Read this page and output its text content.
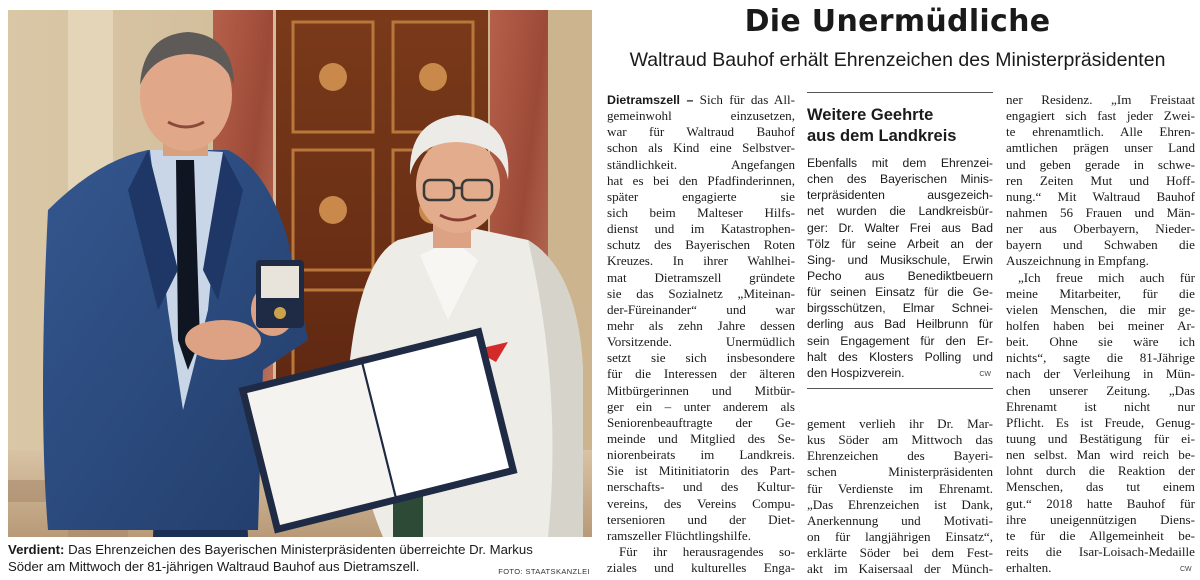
Verdient: Das Ehrenzeichen des Bayerischen Ministerpräsidenten überreichte Dr. Markus
Söder am Mittwoch der 81-jährigen Waltraud Bauhof aus Dietramszell.	FOTO: STAATSKANZLEI
Die Unermüdliche
Waltraud Bauhof erhält Ehrenzeichen des Ministerpräsidenten
Dietramszell – Sich für das All-
gemeinwohl einzusetzen,
war für Waltraud Bauhof
schon als Kind eine Selbstver-
ständlichkeit. Angefangen
hat es bei den Pfadfinderinnen,
später engagierte sie
sich beim Malteser Hilfs-
dienst und im Katastrophen-
schutz des Bayerischen Roten
Kreuzes. In ihrer Wahlhei-
mat Dietramszell gründete
sie das Sozialnetz „Miteinan-
der-Füreinander“ und war
mehr als zehn Jahre dessen
Vorsitzende. Unermüdlich
setzt sie sich insbesondere
für die Interessen der älteren
Mitbürgerinnen und Mitbür-
ger ein – unter anderem als
Seniorenbeauftragte der Ge-
meinde und Mitglied des Se-
niorenbeirats im Landkreis.
Sie ist Mitinitiatorin des Part-
nerschafts- und des Kultur-
vereins, des Vereins Compu-
tersenioren und der Diet-
ramszeller Flüchtlingshilfe.
Für ihr herausragendes so-
ziales und kulturelles Enga-
Weitere Geehrte
aus dem Landkreis
Ebenfalls mit dem Ehrenzei-
chen des Bayerischen Minis-
terpräsidenten ausgezeich-
net wurden die Landkreisbür-
ger: Dr. Walter Frei aus Bad
Tölz für seine Arbeit an der
Sing- und Musikschule, Erwin
Pecho aus Benediktbeuern
für seinen Einsatz für die Ge-
birgsschützen, Elmar Schnei-
derling aus Bad Heilbrunn für
sein Engagement für den Er-
halt des Klosters Polling und
den Hospizverein.	CW
gement verlieh ihr Dr. Mar-
kus Söder am Mittwoch das
Ehrenzeichen des Bayeri-
schen Ministerpräsidenten
für Verdienste im Ehrenamt.
„Das Ehrenzeichen ist Dank,
Anerkennung und Motivati-
on für langjährigen Einsatz“,
erklärte Söder bei dem Fest-
akt im Kaisersaal der Münch-
ner Residenz. „Im Freistaat
engagiert sich fast jeder Zwei-
te ehrenamtlich. Alle Ehren-
amtlichen prägen unser Land
und geben gerade in schwe-
ren Zeiten Mut und Hoff-
nung.“ Mit Waltraud Bauhof
nahmen 56 Frauen und Män-
ner aus Oberbayern, Nieder-
bayern und Schwaben die
Auszeichnung in Empfang.
„Ich freue mich auch für
meine Mitarbeiter, für die
vielen Menschen, die mir ge-
holfen haben bei meiner Ar-
beit. Ohne sie wäre ich
nichts“, sagte die 81-Jährige
nach der Verleihung in Mün-
chen unserer Zeitung. „Das
Ehrenamt ist nicht nur
Pflicht. Es ist Freude, Genug-
tuung und Bestätigung für ei-
nen selbst. Man wird reich be-
lohnt durch die Reaktion der
Menschen, das tut einem
gut.“ 2018 hatte Bauhof für
ihre uneigennützigen Diens-
te für die Allgemeinheit be-
reits die Isar-Loisach-Medaille
erhalten.	CW
